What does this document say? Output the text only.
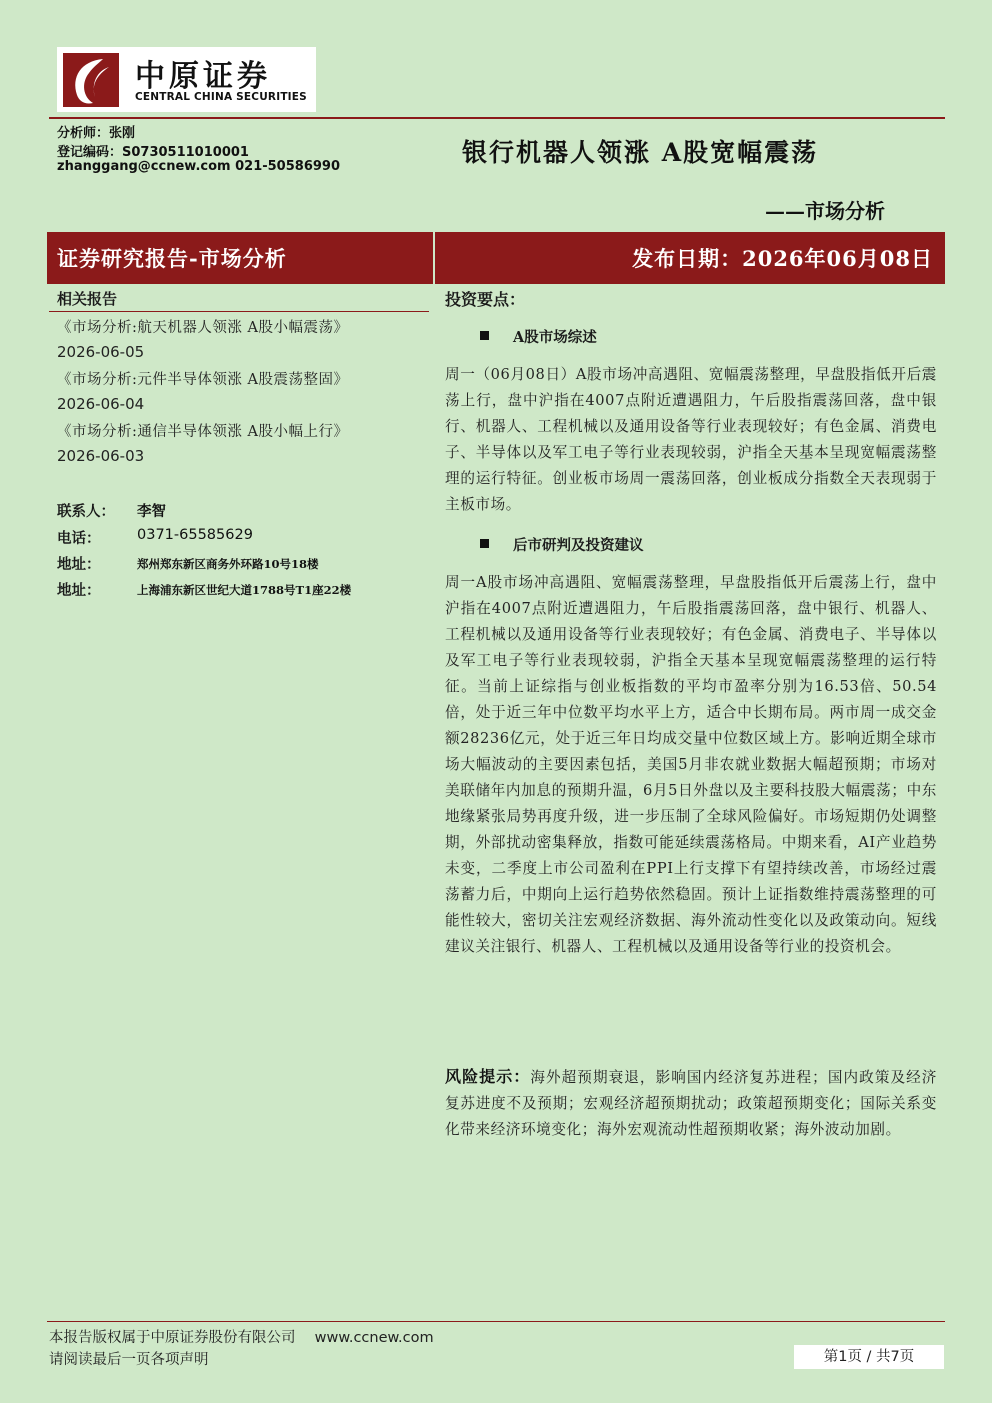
中原证券
CENTRAL CHINA SECURITIES
分析师：张刚
登记编码：S0730511010001
zhanggang@ccnew.com 021-50586990	银行机器人领涨 A股宽幅震荡
——市场分析
证券研究报告-市场分析	发布日期：2026年06月08日
相关报告
《市场分析:航天机器人领涨 A股小幅震荡》
2026-06-05
《市场分析:元件半导体领涨 A股震荡整固》
2026-06-04
《市场分析:通信半导体领涨 A股小幅上行》
2026-06-03
联系人： 李智
电话：	0371-65585629
地址：	郑州郑东新区商务外环路10号18楼
地址：	上海浦东新区世纪大道1788号T1座22楼
投资要点：
A股市场综述
周一（06月08日）A股市场冲高遇阻、宽幅震荡整理，早盘股指低开后震荡上行，盘中沪指在4007点附近遭遇阻力，午后股指震荡回落，盘中银行、机器人、工程机械以及通用设备等行业表现较好；有色金属、消费电子、半导体以及军工电子等行业表现较弱，沪指全天基本呈现宽幅震荡整理的运行特征。创业板市场周一震荡回落，创业板成分指数全天表现弱于主板市场。
后市研判及投资建议
周一A股市场冲高遇阻、宽幅震荡整理，早盘股指低开后震荡上行，盘中沪指在4007点附近遭遇阻力，午后股指震荡回落，盘中银行、机器人、工程机械以及通用设备等行业表现较好；有色金属、消费电子、半导体以及军工电子等行业表现较弱，沪指全天基本呈现宽幅震荡整理的运行特征。当前上证综指与创业板指数的平均市盈率分别为16.53倍、50.54倍，处于近三年中位数平均水平上方，适合中长期布局。两市周一成交金额28236亿元，处于近三年日均成交量中位数区域上方。影响近期全球市场大幅波动的主要因素包括，美国5月非农就业数据大幅超预期；市场对美联储年内加息的预期升温，6月5日外盘以及主要科技股大幅震荡；中东地缘紧张局势再度升级，进一步压制了全球风险偏好。市场短期仍处调整期，外部扰动密集释放，指数可能延续震荡格局。中期来看，AI产业趋势未变，二季度上市公司盈利在PPI上行支撑下有望持续改善，市场经过震荡蓄力后，中期向上运行趋势依然稳固。预计上证指数维持震荡整理的可能性较大，密切关注宏观经济数据、海外流动性变化以及政策动向。短线建议关注银行、机器人、工程机械以及通用设备等行业的投资机会。
风险提示：海外超预期衰退，影响国内经济复苏进程；国内政策及经济复苏进度不及预期；宏观经济超预期扰动；政策超预期变化；国际关系变化带来经济环境变化；海外宏观流动性超预期收紧；海外波动加剧。
本报告版权属于中原证券股份有限公司　 www.ccnew.com
请阅读最后一页各项声明	第1页 / 共7页
